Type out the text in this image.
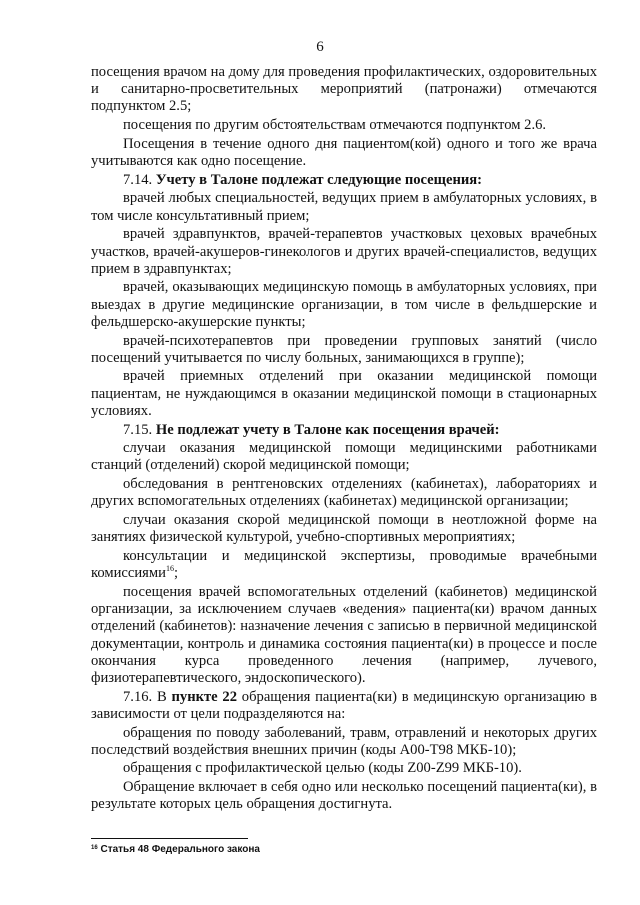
6

посещения врачом на дому для проведения профилактических, оздоровительных и санитарно-просветительных мероприятий (патронажи) отмечаются подпунктом 2.5;

посещения по другим обстоятельствам отмечаются подпунктом 2.6.

Посещения в течение одного дня пациентом(кой) одного и того же врача учитываются как одно посещение.

7.14. Учету в Талоне подлежат следующие посещения:

врачей любых специальностей, ведущих прием в амбулаторных условиях, в том числе консультативный прием;

врачей здравпунктов, врачей-терапевтов участковых цеховых врачебных участков, врачей-акушеров-гинекологов и других врачей-специалистов, ведущих прием в здравпунктах;

врачей, оказывающих медицинскую помощь в амбулаторных условиях, при выездах в другие медицинские организации, в том числе в фельдшерские и фельдшерско-акушерские пункты;

врачей-психотерапевтов при проведении групповых занятий (число посещений учитывается по числу больных, занимающихся в группе);

врачей приемных отделений при оказании медицинской помощи пациентам, не нуждающимся в оказании медицинской помощи в стационарных условиях.

7.15. Не подлежат учету в Талоне как посещения врачей:

случаи оказания медицинской помощи медицинскими работниками станций (отделений) скорой медицинской помощи;

обследования в рентгеновских отделениях (кабинетах), лабораториях и других вспомогательных отделениях (кабинетах) медицинской организации;

случаи оказания скорой медицинской помощи в неотложной форме на занятиях физической культурой, учебно-спортивных мероприятиях;

консультации и медицинской экспертизы, проводимые врачебными комиссиями$^{16}$;

посещения врачей вспомогательных отделений (кабинетов) медицинской организации, за исключением случаев «ведения» пациента(ки) врачом данных отделений (кабинетов): назначение лечения с записью в первичной медицинской документации, контроль и динамика состояния пациента(ки) в процессе и после окончания курса проведенного лечения (например, лучевого, физиотерапевтического, эндоскопического).

7.16. В пункте 22 обращения пациента(ки) в медицинскую организацию в зависимости от цели подразделяются на:

обращения по поводу заболеваний, травм, отравлений и некоторых других последствий воздействия внешних причин (коды А00-Т98 МКБ-10);

обращения с профилактической целью (коды Z00-Z99 МКБ-10).

Обращение включает в себя одно или несколько посещений пациента(ки), в результате которых цель обращения достигнута.

$^{16}$ Статья 48 Федерального закона
